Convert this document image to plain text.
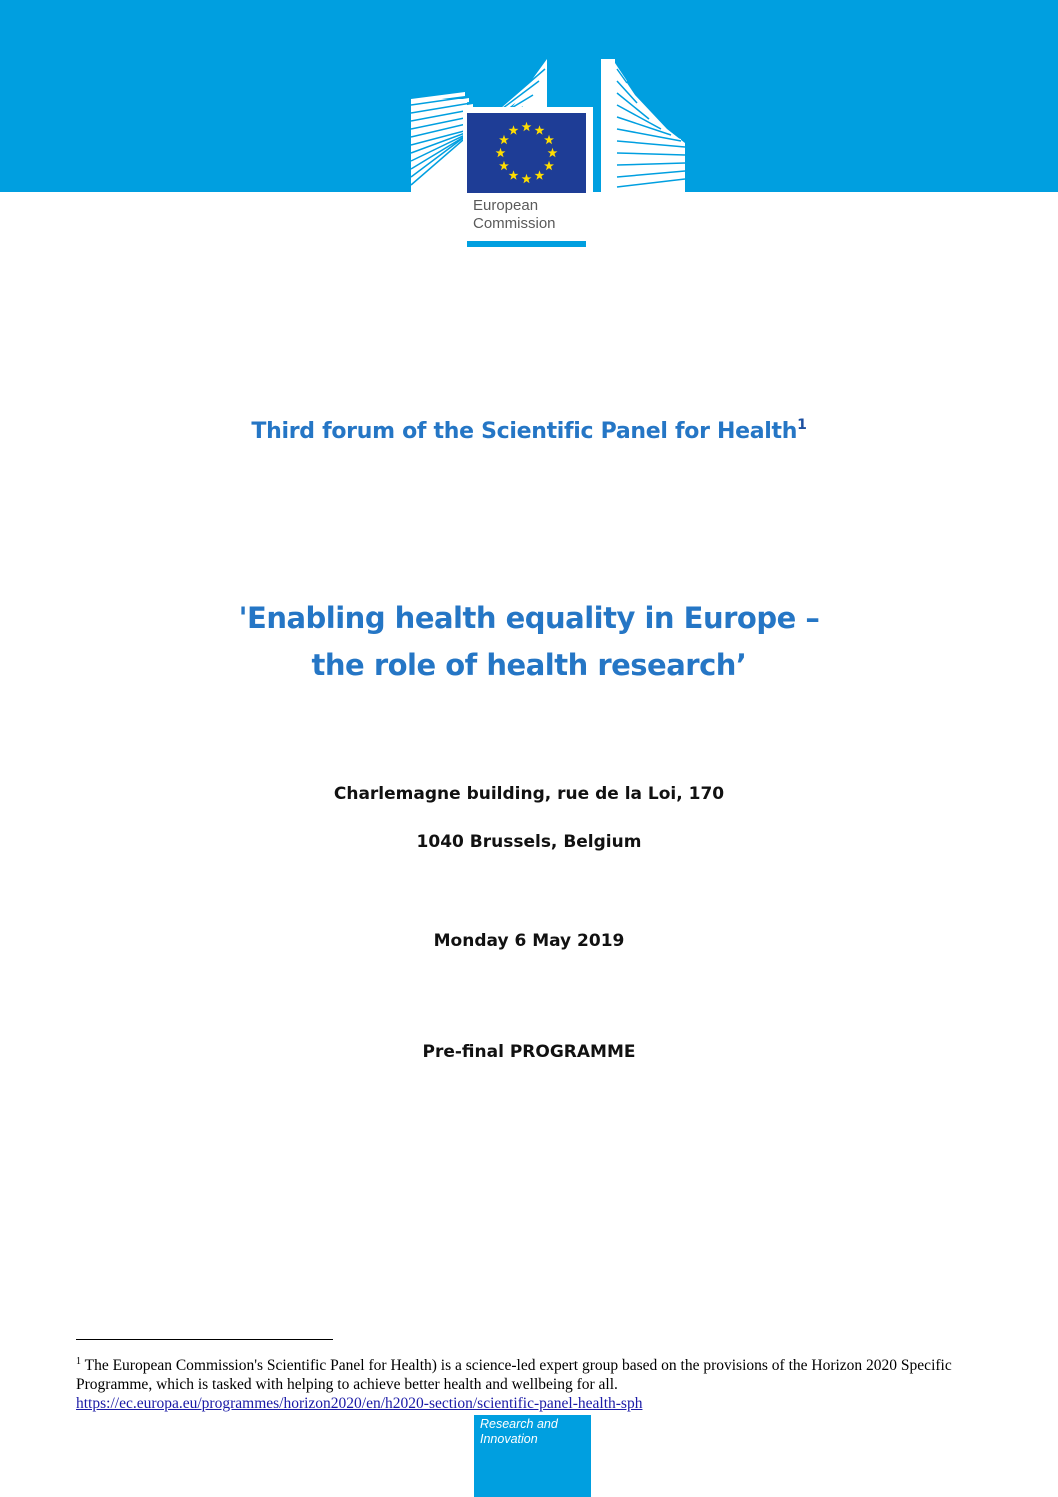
European
Commission
Third forum of the Scientific Panel for Health$^1$
'Enabling health equality in Europe –
the role of health research’
Charlemagne building, rue de la Loi, 170
1040 Brussels, Belgium
Monday 6 May 2019
Pre-final PROGRAMME
$^1$ The European Commission's Scientific Panel for Health) is a science-led expert group based on the provisions of the Horizon 2020 Specific Programme, which is tasked with helping to achieve better health and wellbeing for all.
https://ec.europa.eu/programmes/horizon2020/en/h2020-section/scientific-panel-health-sph
Research and
Innovation
